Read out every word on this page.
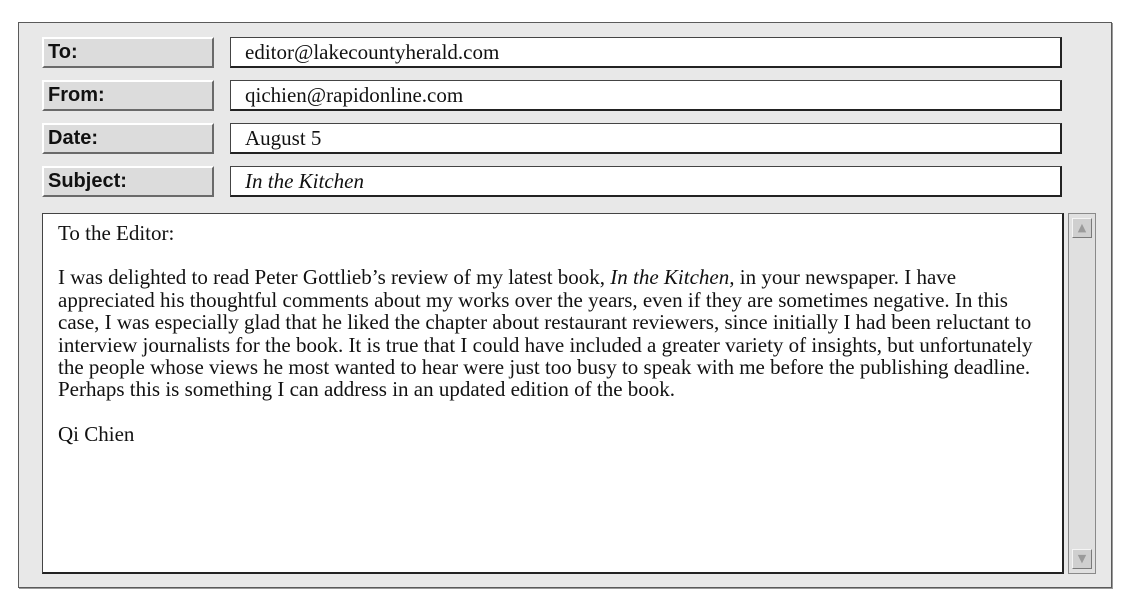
To:	editor@lakecountyherald.com
From:	qichien@rapidonline.com
Date:	August 5
Subject:	In the Kitchen

To the Editor:

I was delighted to read Peter Gottlieb’s review of my latest book, In the Kitchen, in your newspaper. I have appreciated his thoughtful comments about my works over the years, even if they are sometimes negative. In this case, I was especially glad that he liked the chapter about restaurant reviewers, since initially I had been reluctant to interview journalists for the book. It is true that I could have included a greater variety of insights, but unfortunately the people whose views he most wanted to hear were just too busy to speak with me before the publishing deadline. Perhaps this is something I can address in an updated edition of the book.

Qi Chien

▲
▼
